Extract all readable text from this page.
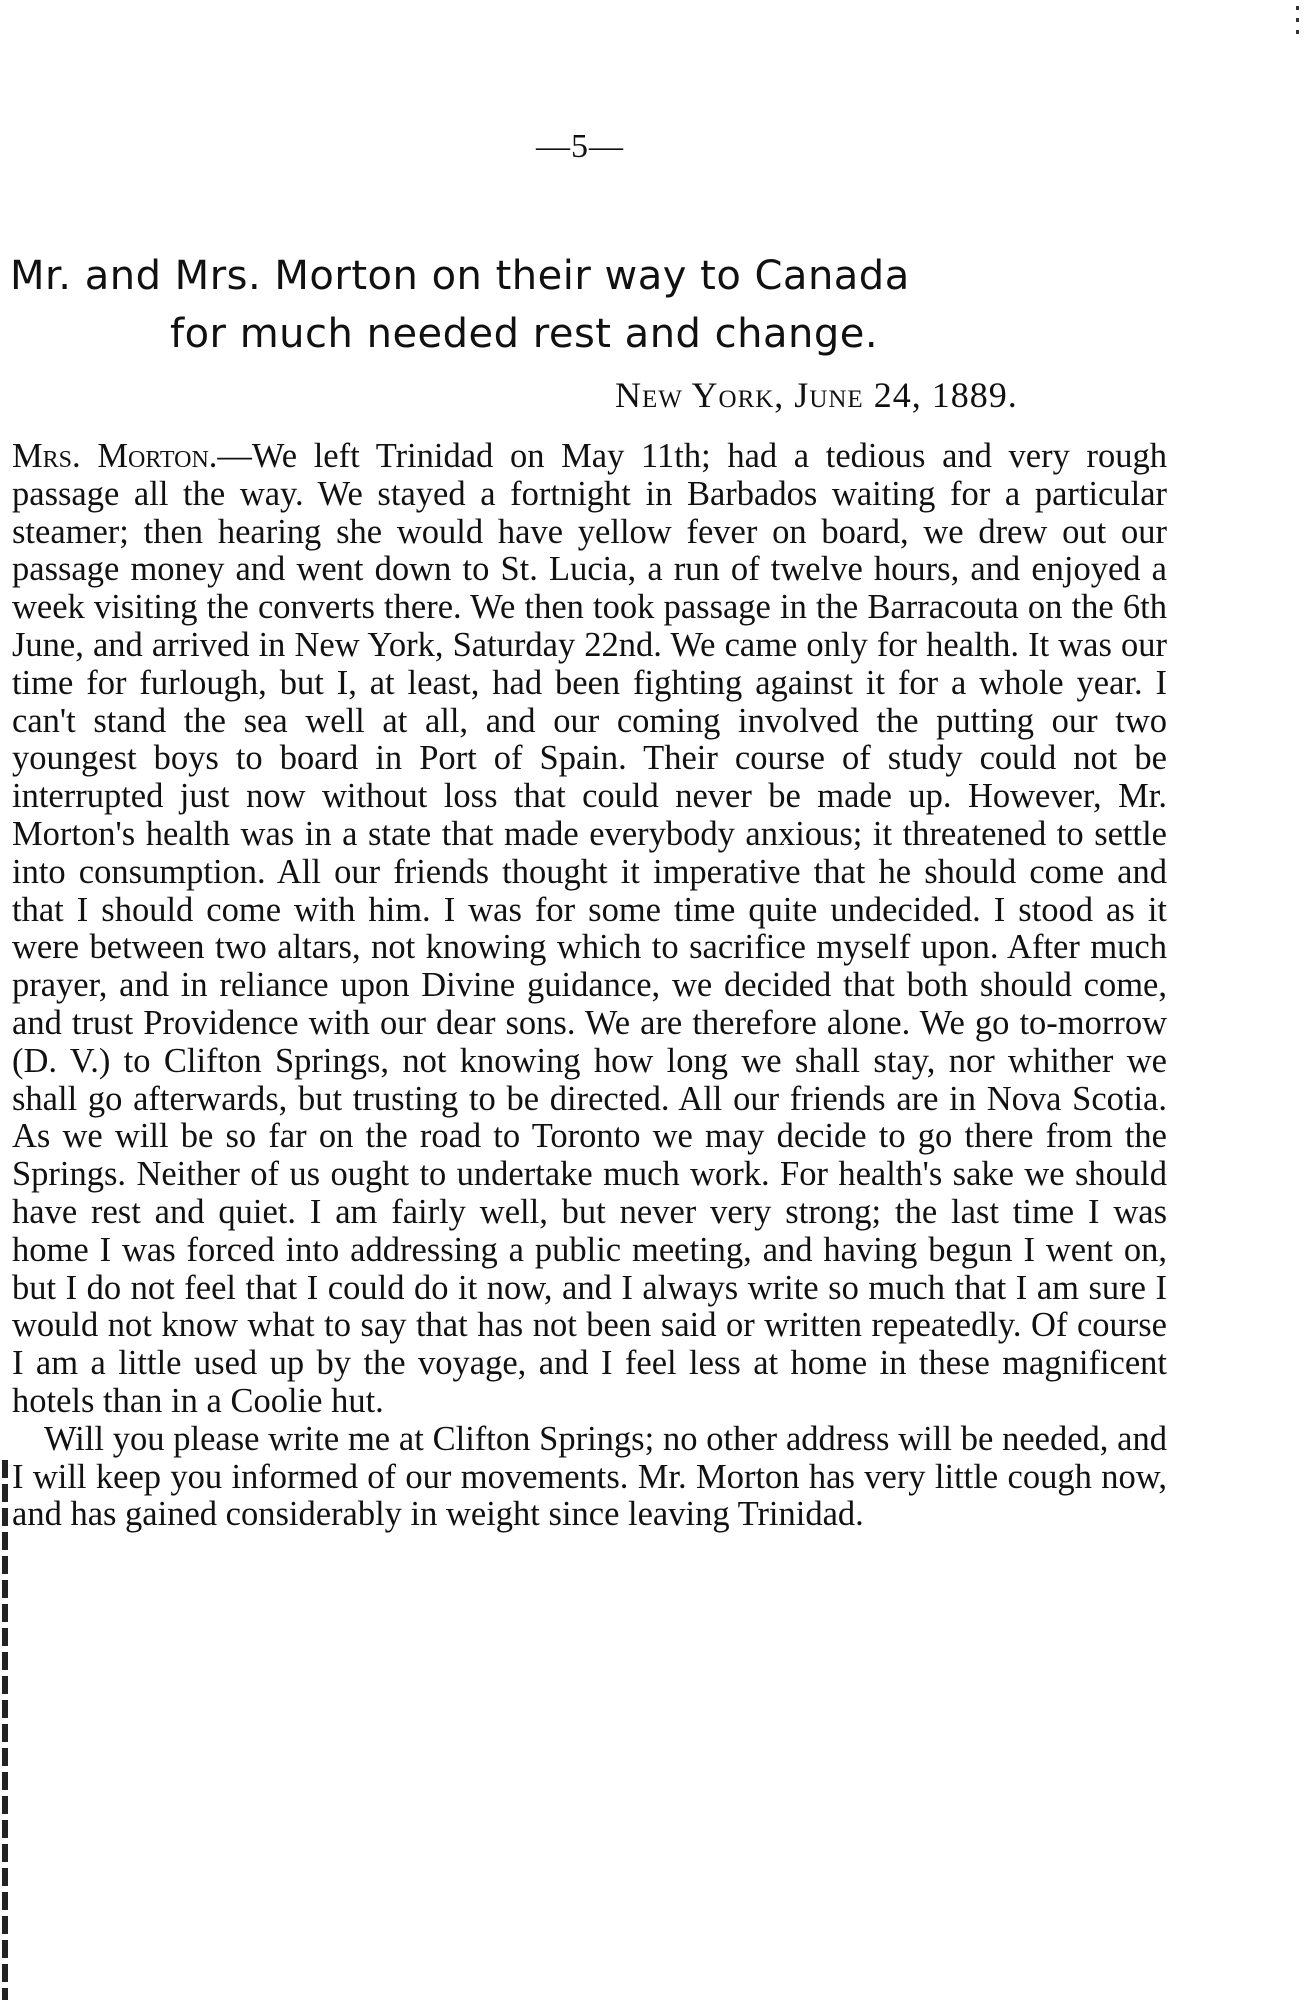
—5—
Mr. and Mrs. Morton on their way to Canada
for much needed rest and change.
New York, June 24, 1889.

Mrs. Morton.—We left Trinidad on May 11th; had a tedious and very rough passage all the way. We stayed a fortnight in Barbados waiting for a particular steamer; then hearing she would have yellow fever on board, we drew out our passage money and went down to St. Lucia, a run of twelve hours, and enjoyed a week visiting the converts there. We then took passage in the Barracouta on the 6th June, and arrived in New York, Saturday 22nd. We came only for health. It was our time for furlough, but I, at least, had been fighting against it for a whole year. I can't stand the sea well at all, and our coming involved the putting our two youngest boys to board in Port of Spain. Their course of study could not be interrupted just now without loss that could never be made up. However, Mr. Morton's health was in a state that made everybody anxious; it threatened to settle into consumption. All our friends thought it imperative that he should come and that I should come with him. I was for some time quite undecided. I stood as it were between two altars, not knowing which to sacrifice myself upon. After much prayer, and in reliance upon Divine guidance, we decided that both should come, and trust Providence with our dear sons. We are therefore alone. We go to-morrow (D. V.) to Clifton Springs, not knowing how long we shall stay, nor whither we shall go afterwards, but trusting to be directed. All our friends are in Nova Scotia. As we will be so far on the road to Toronto we may decide to go there from the Springs. Neither of us ought to undertake much work. For health's sake we should have rest and quiet. I am fairly well, but never very strong; the last time I was home I was forced into addressing a public meeting, and having begun I went on, but I do not feel that I could do it now, and I always write so much that I am sure I would not know what to say that has not been said or written repeatedly. Of course I am a little used up by the voyage, and I feel less at home in these magnificent hotels than in a Coolie hut.

Will you please write me at Clifton Springs; no other address will be needed, and I will keep you informed of our movements. Mr. Morton has very little cough now, and has gained considerably in weight since leaving Trinidad.
